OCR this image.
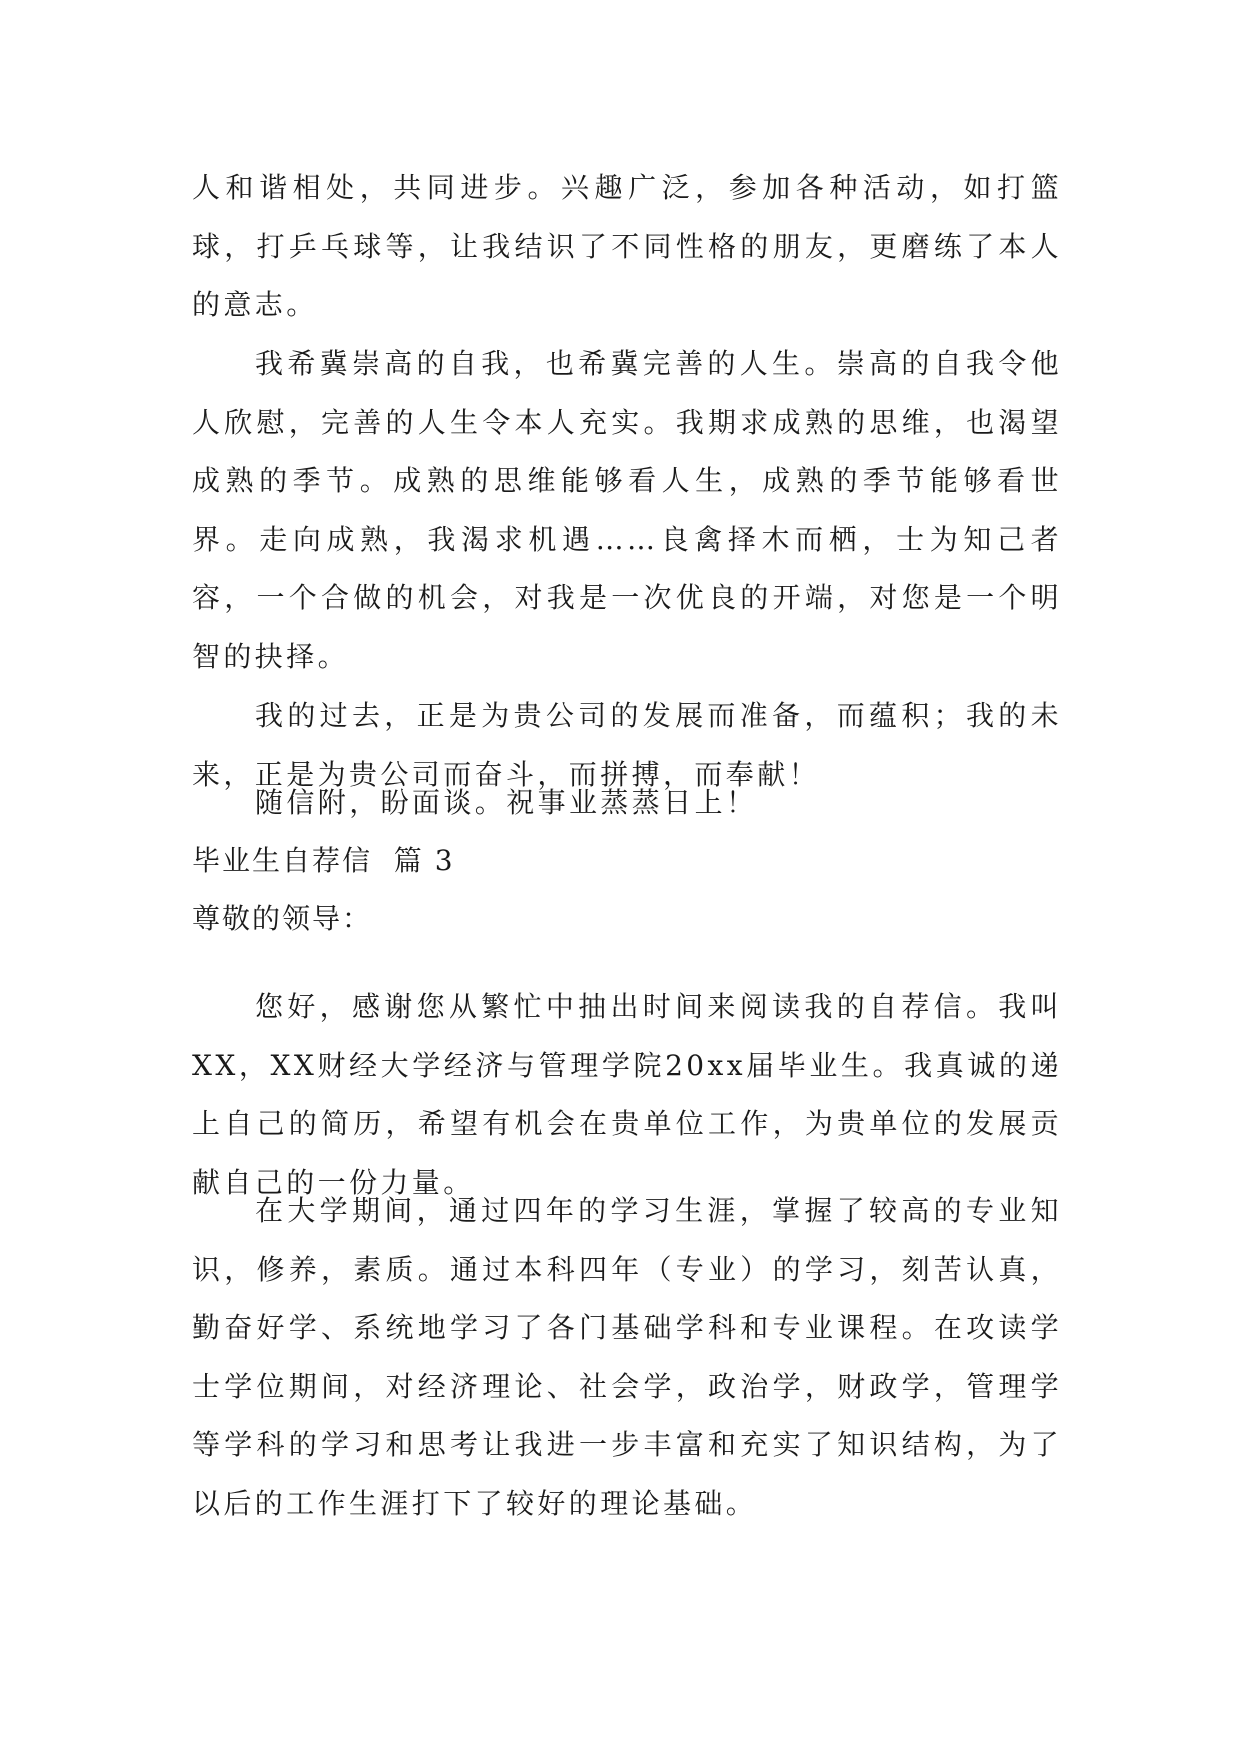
人和谐相处，共同进步。兴趣广泛，参加各种活动，如打篮球，打乒乓球等，让我结识了不同性格的朋友，更磨练了本人的意志。

我希冀崇高的自我，也希冀完善的人生。崇高的自我令他人欣慰，完善的人生令本人充实。我期求成熟的思维，也渴望成熟的季节。成熟的思维能够看人生，成熟的季节能够看世界。走向成熟，我渴求机遇……良禽择木而栖，士为知己者容，一个合做的机会，对我是一次优良的开端，对您是一个明智的抉择。

我的过去，正是为贵公司的发展而准备，而蕴积；我的未来，正是为贵公司而奋斗，而拼搏，而奉献！

随信附，盼面谈。祝事业蒸蒸日上！

毕业生自荐信  篇 3

尊敬的领导：

您好，感谢您从繁忙中抽出时间来阅读我的自荐信。我叫XX，XX财经大学经济与管理学院20xx届毕业生。我真诚的递上自己的简历，希望有机会在贵单位工作，为贵单位的发展贡献自己的一份力量。

在大学期间，通过四年的学习生涯，掌握了较高的专业知识，修养，素质。通过本科四年（专业）的学习，刻苦认真，勤奋好学、系统地学习了各门基础学科和专业课程。在攻读学士学位期间，对经济理论、社会学，政治学，财政学，管理学等学科的学习和思考让我进一步丰富和充实了知识结构，为了以后的工作生涯打下了较好的理论基础。
